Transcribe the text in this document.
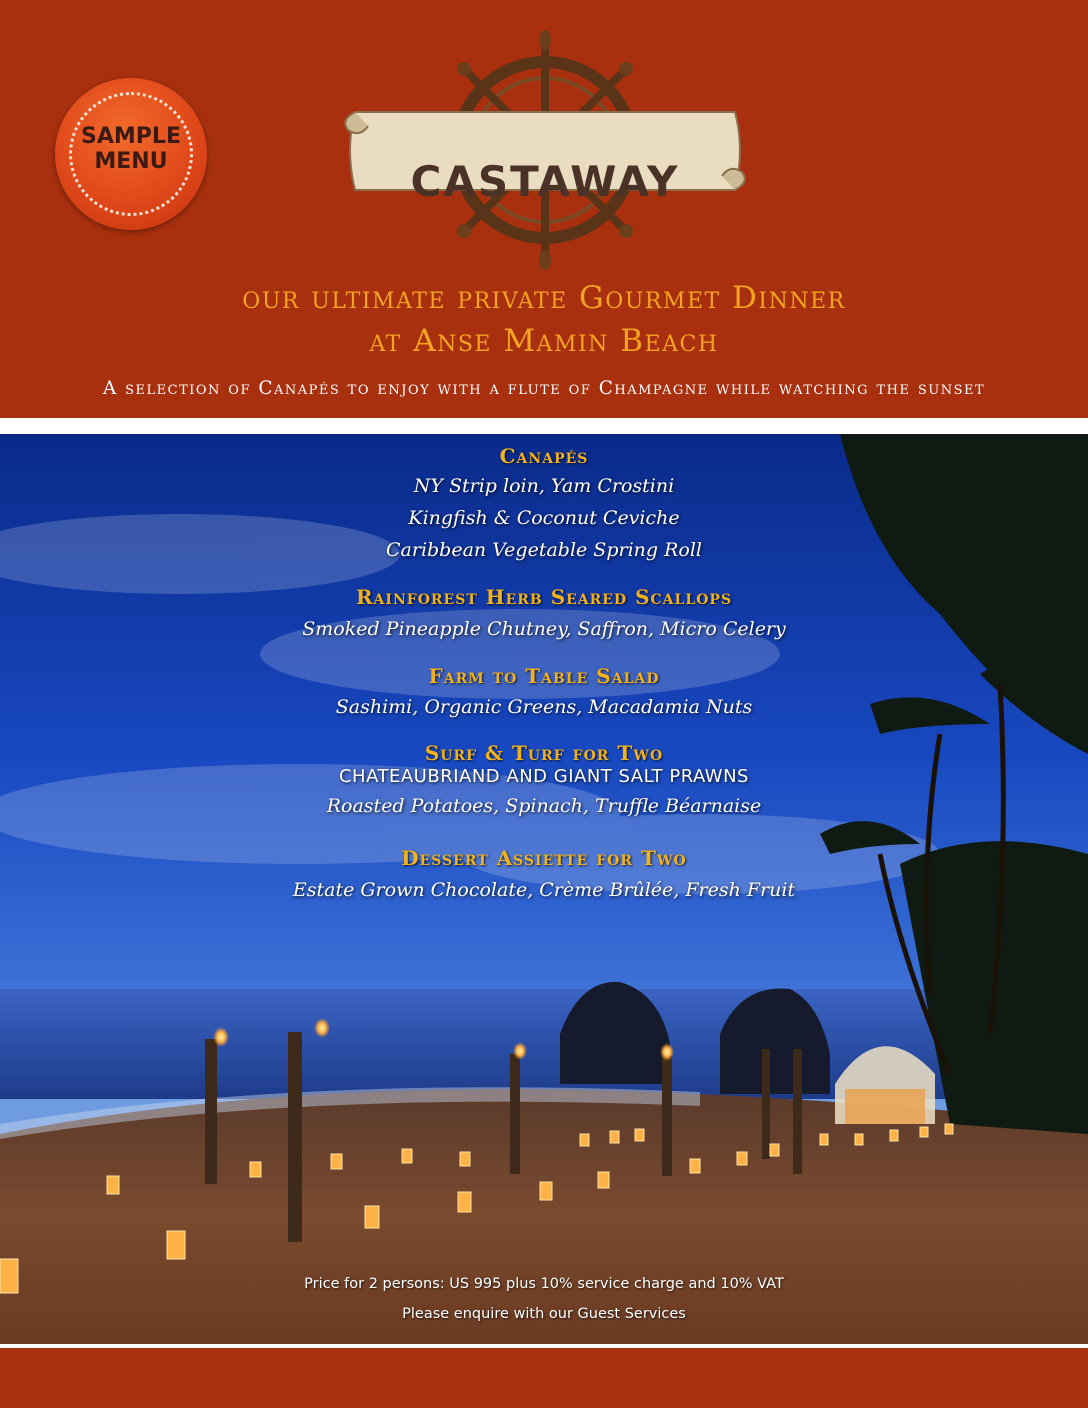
SAMPLE
MENU	CASTAWAY
our ultimate private Gourmet Dinner
at Anse Mamin Beach
A selection of Canapés to enjoy with a flute of Champagne while watching the sunset
Canapés
NY Strip loin, Yam Crostini
Kingfish & Coconut Ceviche
Caribbean Vegetable Spring Roll
Rainforest Herb Seared Scallops
Smoked Pineapple Chutney, Saffron, Micro Celery
Farm to Table Salad
Sashimi, Organic Greens, Macadamia Nuts
Surf & Turf for Two
CHATEAUBRIAND AND GIANT SALT PRAWNS
Roasted Potatoes, Spinach, Truffle Béarnaise
Dessert Assiette for Two
Estate Grown Chocolate, Crème Brûlée, Fresh Fruit
Price for 2 persons: US 995 plus 10% service charge and 10% VAT
Please enquire with our Guest Services
